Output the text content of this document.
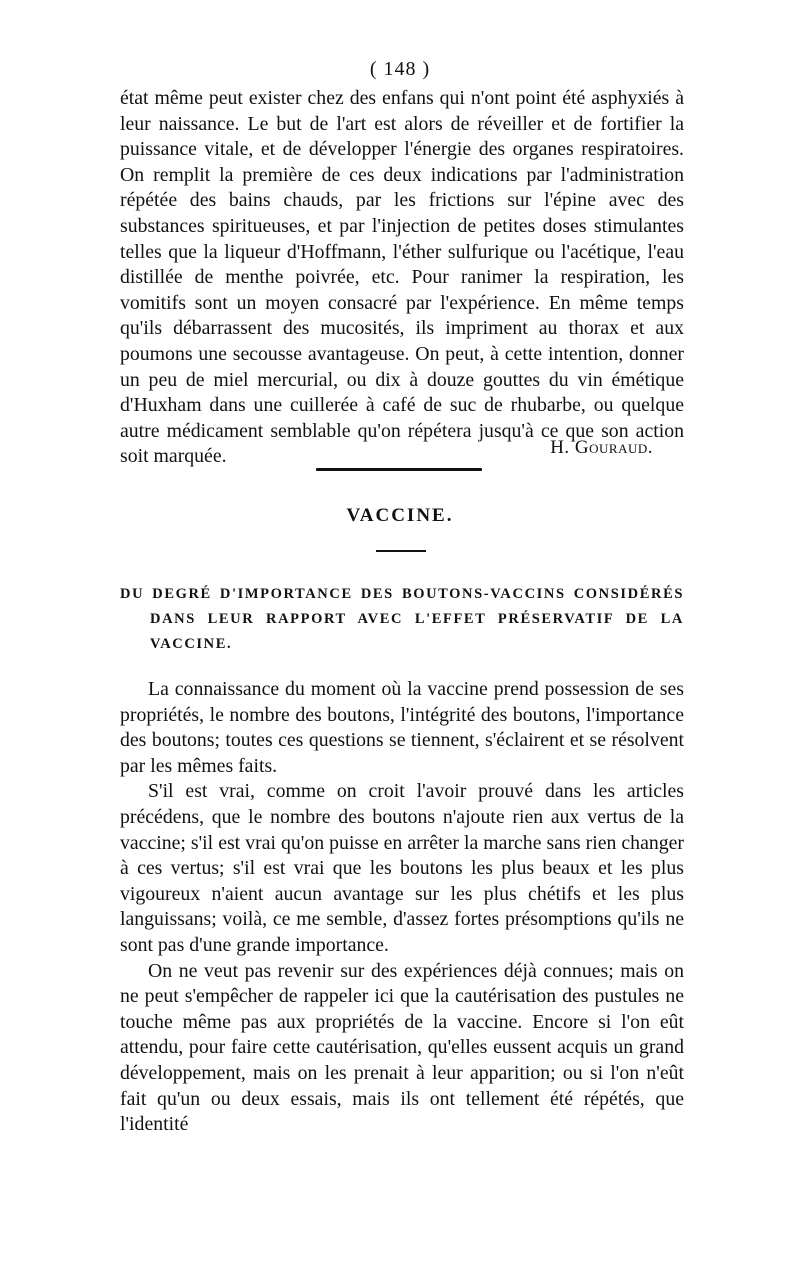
( 148 )

état même peut exister chez des enfans qui n'ont point été asphyxiés à leur naissance. Le but de l'art est alors de réveiller et de fortifier la puissance vitale, et de développer l'énergie des organes respiratoires. On remplit la première de ces deux indications par l'administration répétée des bains chauds, par les frictions sur l'épine avec des substances spiritueuses, et par l'injection de petites doses stimulantes telles que la liqueur d'Hoffmann, l'éther sulfurique ou l'acétique, l'eau distillée de menthe poivrée, etc. Pour ranimer la respiration, les vomitifs sont un moyen consacré par l'expérience. En même temps qu'ils débarrassent des mucosités, ils impriment au thorax et aux poumons une secousse avantageuse. On peut, à cette intention, donner un peu de miel mercurial, ou dix à douze gouttes du vin émétique d'Huxham dans une cuillerée à café de suc de rhubarbe, ou quelque autre médicament semblable qu'on répétera jusqu'à ce que son action soit marquée.	H. Gouraud.
VACCINE.
DU DEGRÉ D'IMPORTANCE DES BOUTONS-VACCINS CONSIDÉRÉS DANS LEUR RAPPORT AVEC L'EFFET PRÉSERVATIF DE LA VACCINE.

La connaissance du moment où la vaccine prend possession de ses propriétés, le nombre des boutons, l'intégrité des boutons, l'importance des boutons; toutes ces questions se tiennent, s'éclairent et se résolvent par les mêmes faits.

S'il est vrai, comme on croit l'avoir prouvé dans les articles précédens, que le nombre des boutons n'ajoute rien aux vertus de la vaccine; s'il est vrai qu'on puisse en arrêter la marche sans rien changer à ces vertus; s'il est vrai que les boutons les plus beaux et les plus vigoureux n'aient aucun avantage sur les plus chétifs et les plus languissans; voilà, ce me semble, d'assez fortes présomptions qu'ils ne sont pas d'une grande importance.

On ne veut pas revenir sur des expériences déjà connues; mais on ne peut s'empêcher de rappeler ici que la cautérisation des pustules ne touche même pas aux propriétés de la vaccine. Encore si l'on eût attendu, pour faire cette cautérisation, qu'elles eussent acquis un grand développement, mais on les prenait à leur apparition; ou si l'on n'eût fait qu'un ou deux essais, mais ils ont tellement été répétés, que l'identité
